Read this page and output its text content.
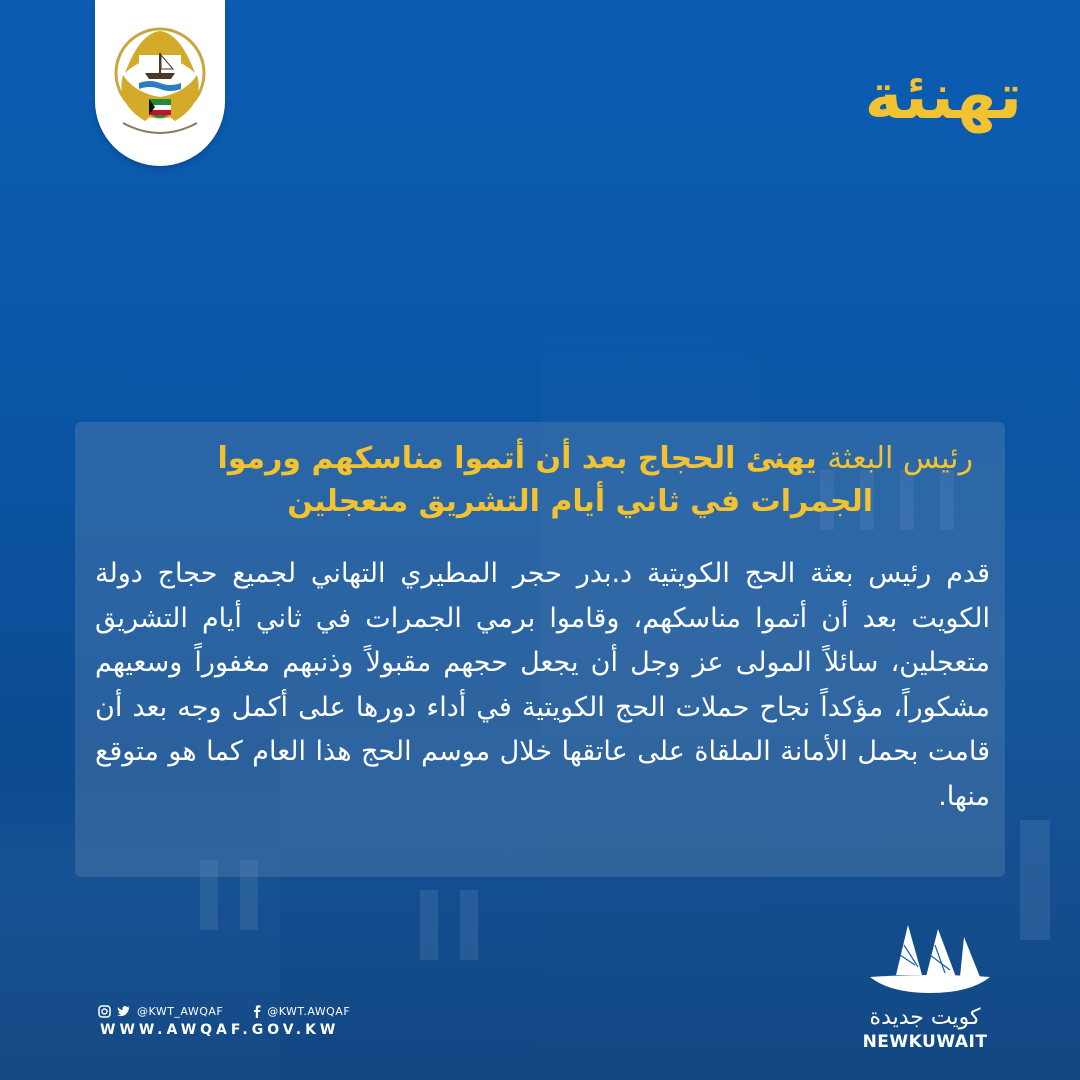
تهنئة

رئيس البعثة يهنئ الحجاج بعد أن أتموا مناسكهم ورموا
الجمرات في ثاني أيام التشريق متعجلين

قدم رئيس بعثة الحج الكويتية د.بدر حجر المطيري التهاني لجميع حجاج دولة الكويت بعد أن أتموا مناسكهم، وقاموا برمي الجمرات في ثاني أيام التشريق متعجلين، سائلاً المولى عز وجل أن يجعل حجهم مقبولاً وذنبهم مغفوراً وسعيهم مشكوراً، مؤكداً نجاح حملات الحج الكويتية في أداء دورها على أكمل وجه بعد أن قامت بحمل الأمانة الملقاة على عاتقها خلال موسم الحج هذا العام كما هو متوقع منها.

@KWT_AWQAF	@KWT.AWQAF
WWW.AWQAF.GOV.KW	كويت جديدة
NEWKUWAIT
